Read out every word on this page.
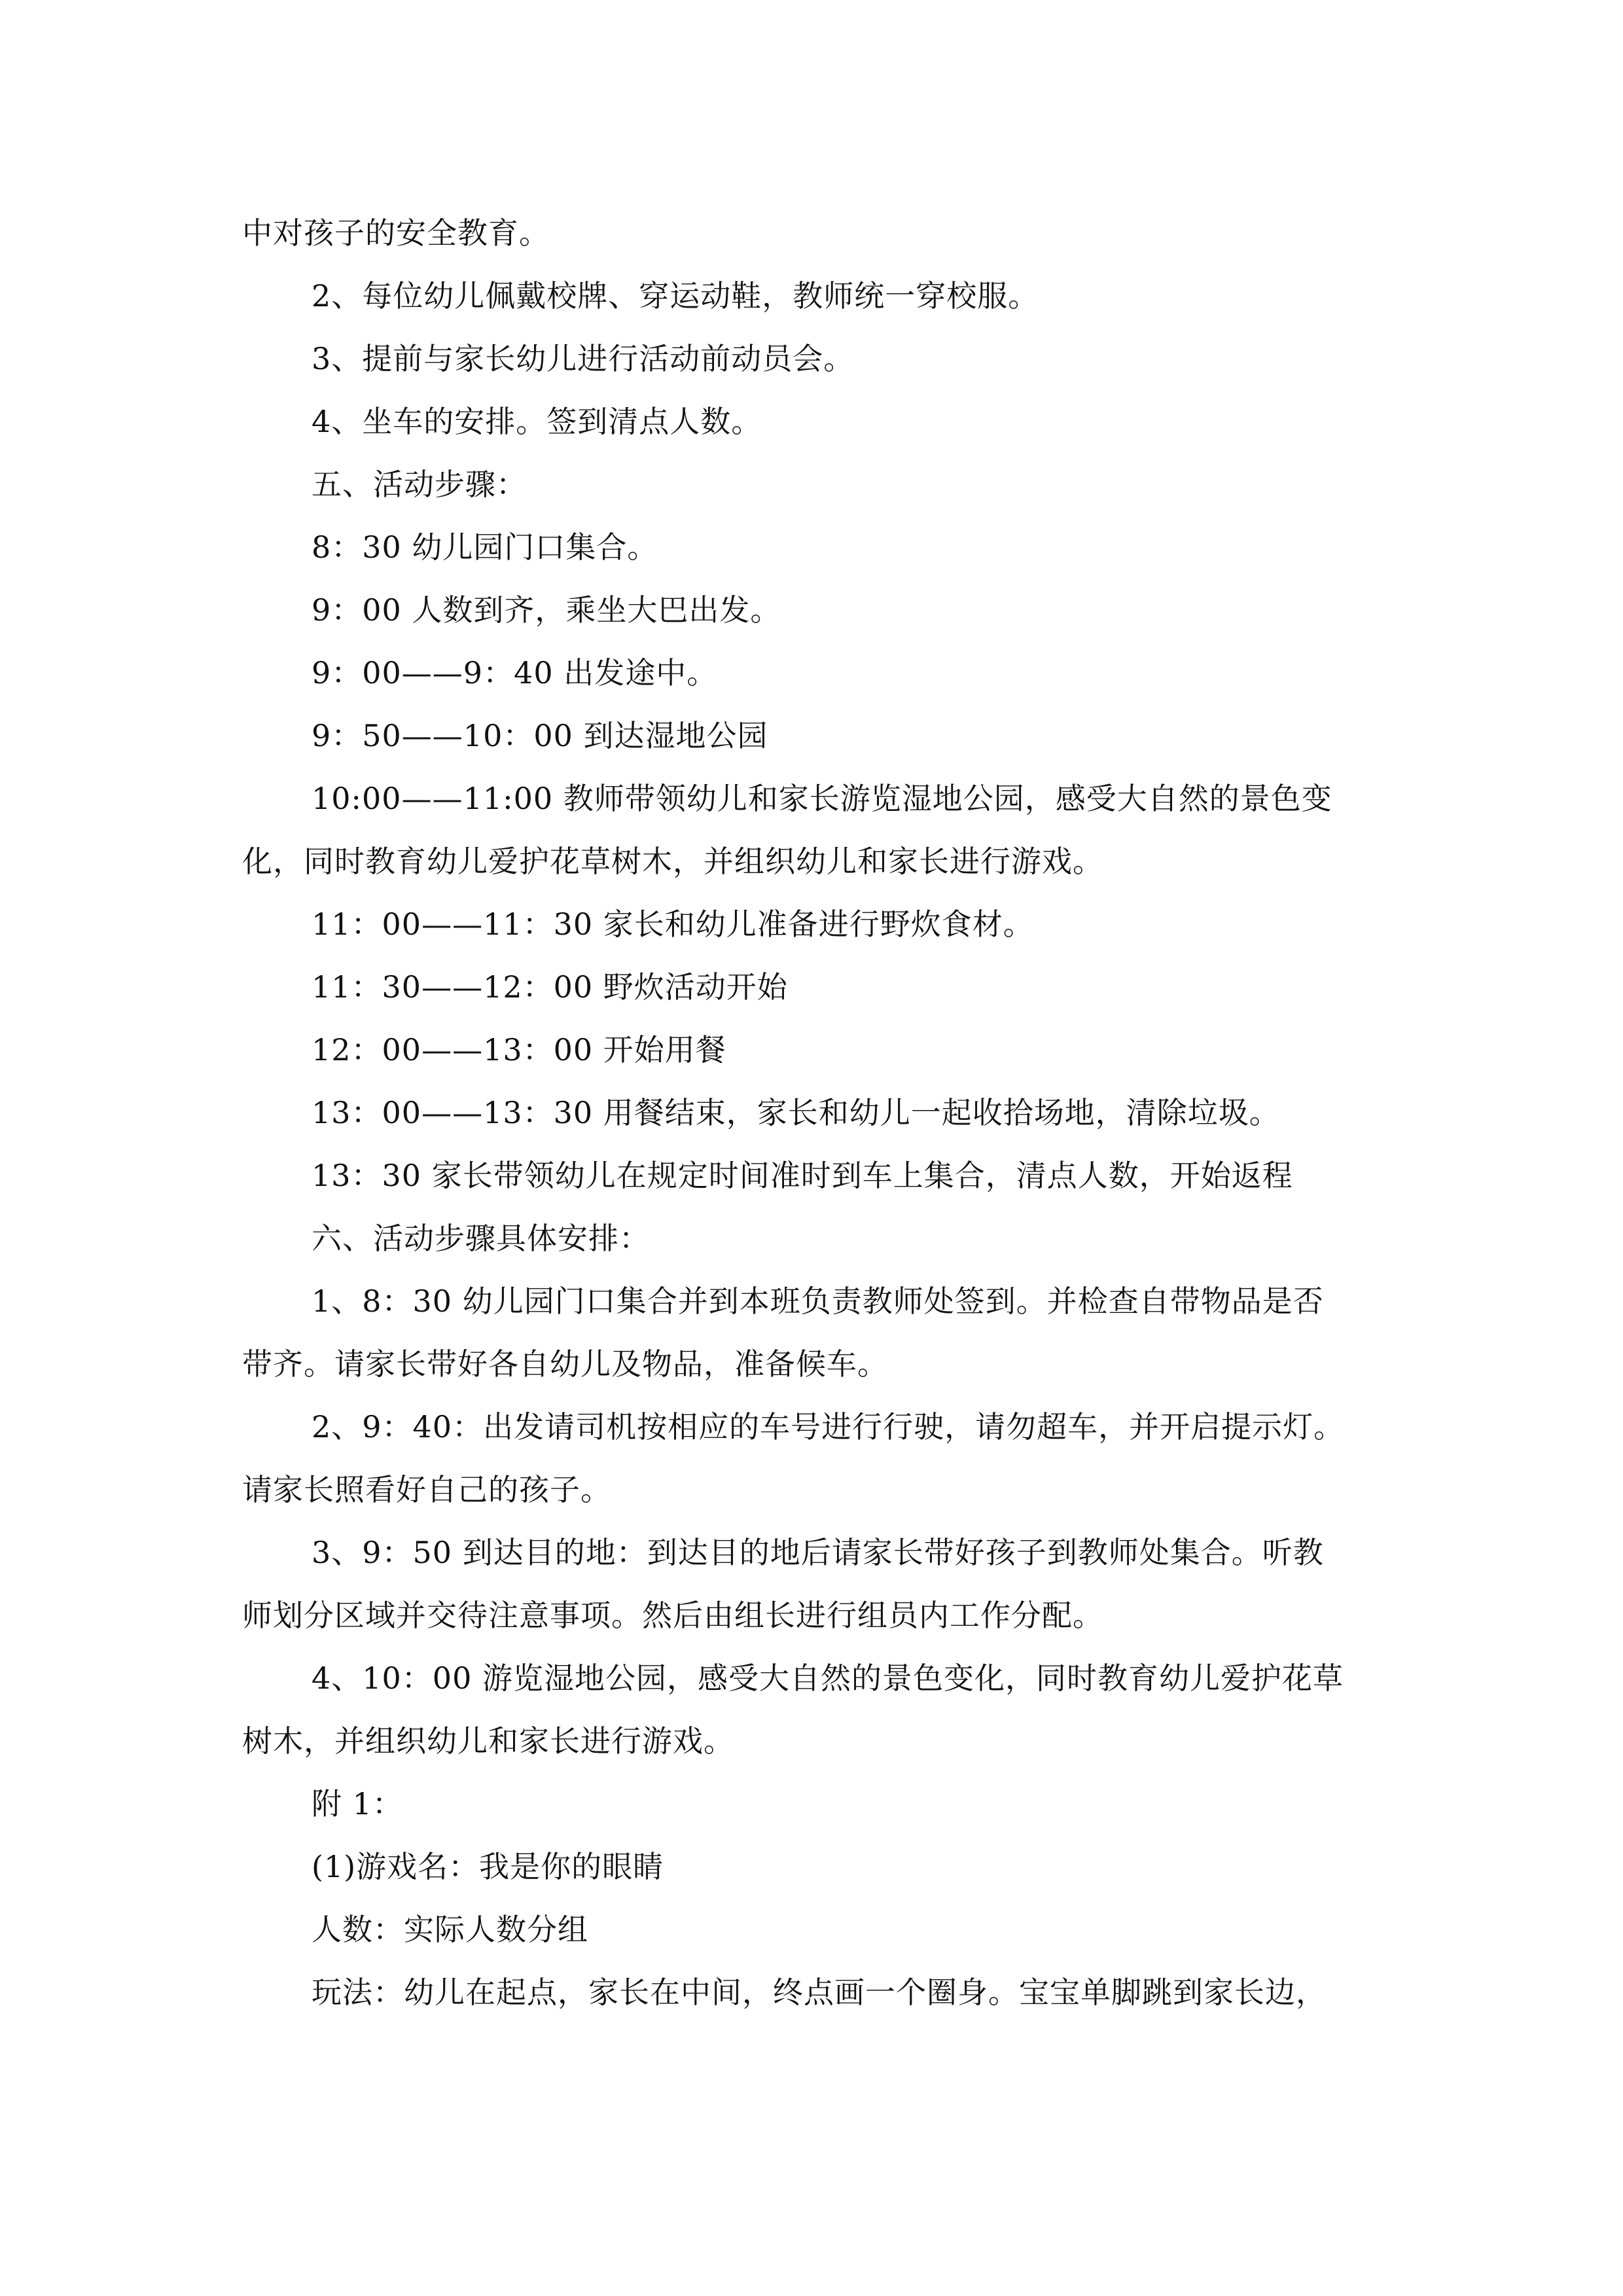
中对孩子的安全教育。
2、每位幼儿佩戴校牌、穿运动鞋，教师统一穿校服。
3、提前与家长幼儿进行活动前动员会。
4、坐车的安排。签到清点人数。
五、活动步骤：
8：30 幼儿园门口集合。
9：00 人数到齐，乘坐大巴出发。
9：00——9：40 出发途中。
9：50——10：00 到达湿地公园
10:00——11:00 教师带领幼儿和家长游览湿地公园，感受大自然的景色变
化，同时教育幼儿爱护花草树木，并组织幼儿和家长进行游戏。
11：00——11：30 家长和幼儿准备进行野炊食材。
11：30——12：00 野炊活动开始
12：00——13：00 开始用餐
13：00——13：30 用餐结束，家长和幼儿一起收拾场地，清除垃圾。
13：30 家长带领幼儿在规定时间准时到车上集合，清点人数，开始返程
六、活动步骤具体安排：
1、8：30 幼儿园门口集合并到本班负责教师处签到。并检查自带物品是否
带齐。请家长带好各自幼儿及物品，准备候车。
2、9：40：出发请司机按相应的车号进行行驶，请勿超车，并开启提示灯。
请家长照看好自己的孩子。
3、9：50 到达目的地：到达目的地后请家长带好孩子到教师处集合。听教
师划分区域并交待注意事项。然后由组长进行组员内工作分配。
4、10：00 游览湿地公园，感受大自然的景色变化，同时教育幼儿爱护花草
树木，并组织幼儿和家长进行游戏。
附 1：
(1)游戏名：我是你的眼睛
人数：实际人数分组
玩法：幼儿在起点，家长在中间，终点画一个圈身。宝宝单脚跳到家长边，
